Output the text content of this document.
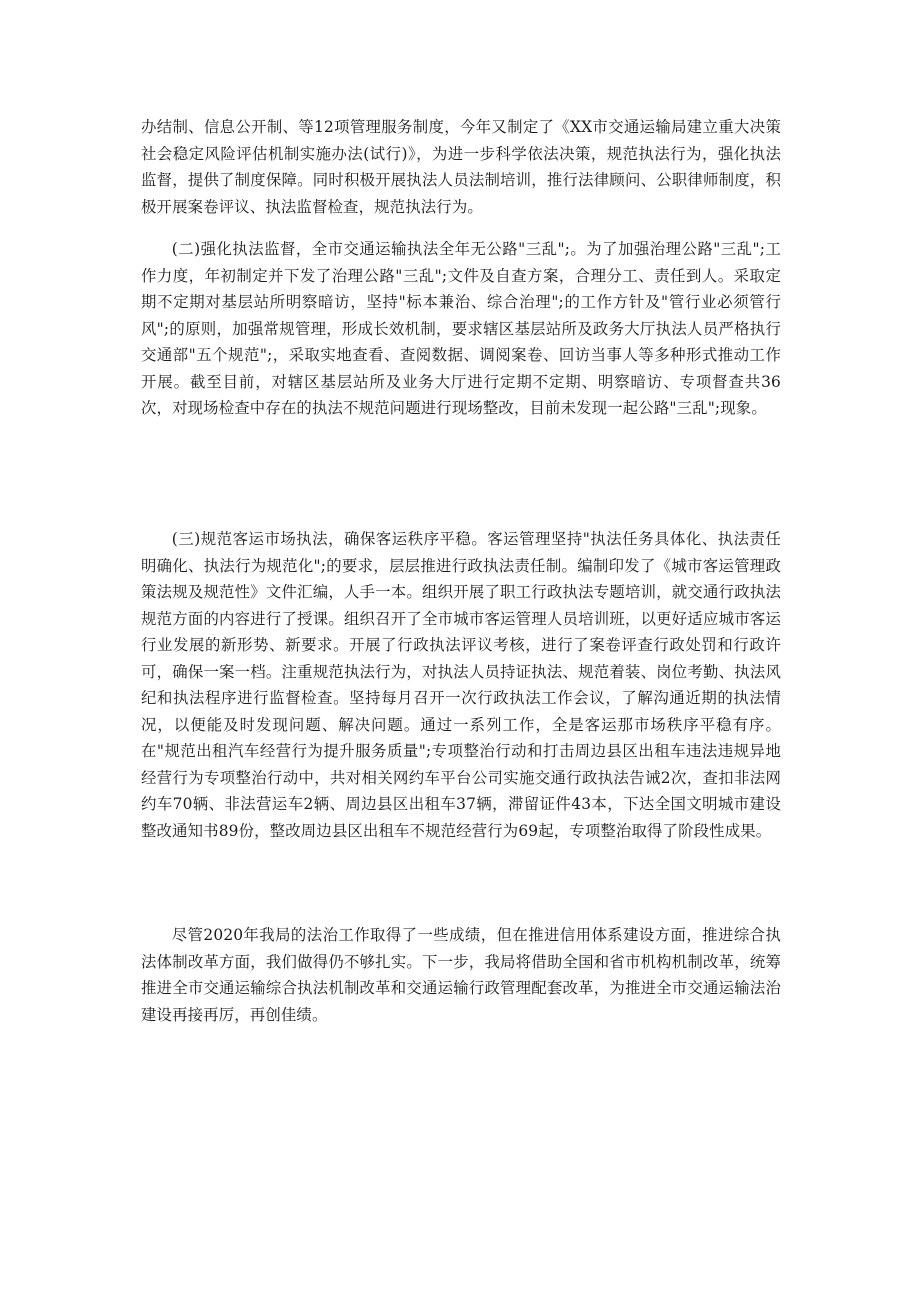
办结制、信息公开制、等12项管理服务制度，今年又制定了《XX市交通运输局建立重大决策社会稳定风险评估机制实施办法(试行)》，为进一步科学依法决策，规范执法行为，强化执法监督，提供了制度保障。同时积极开展执法人员法制培训，推行法律顾问、公职律师制度，积极开展案卷评议、执法监督检查，规范执法行为。

(二)强化执法监督，全市交通运输执法全年无公路"三乱";。为了加强治理公路"三乱";工作力度，年初制定并下发了治理公路"三乱";文件及自查方案，合理分工、责任到人。采取定期不定期对基层站所明察暗访，坚持"标本兼治、综合治理";的工作方针及"管行业必须管行风";的原则，加强常规管理，形成长效机制，要求辖区基层站所及政务大厅执法人员严格执行交通部"五个规范";，采取实地查看、查阅数据、调阅案卷、回访当事人等多种形式推动工作开展。截至目前，对辖区基层站所及业务大厅进行定期不定期、明察暗访、专项督查共36次，对现场检查中存在的执法不规范问题进行现场整改，目前未发现一起公路"三乱";现象。

(三)规范客运市场执法，确保客运秩序平稳。客运管理坚持"执法任务具体化、执法责任明确化、执法行为规范化";的要求，层层推进行政执法责任制。编制印发了《城市客运管理政策法规及规范性》文件汇编，人手一本。组织开展了职工行政执法专题培训，就交通行政执法规范方面的内容进行了授课。组织召开了全市城市客运管理人员培训班，以更好适应城市客运行业发展的新形势、新要求。开展了行政执法评议考核，进行了案卷评查行政处罚和行政许可，确保一案一档。注重规范执法行为，对执法人员持证执法、规范着装、岗位考勤、执法风纪和执法程序进行监督检查。坚持每月召开一次行政执法工作会议，了解沟通近期的执法情况，以便能及时发现问题、解决问题。通过一系列工作，全是客运那市场秩序平稳有序。在"规范出租汽车经营行为提升服务质量";专项整治行动和打击周边县区出租车违法违规异地经营行为专项整治行动中，共对相关网约车平台公司实施交通行政执法告诫2次，查扣非法网约车70辆、非法营运车2辆、周边县区出租车37辆，滞留证件43本，下达全国文明城市建设整改通知书89份，整改周边县区出租车不规范经营行为69起，专项整治取得了阶段性成果。

尽管2020年我局的法治工作取得了一些成绩，但在推进信用体系建设方面，推进综合执法体制改革方面，我们做得仍不够扎实。下一步，我局将借助全国和省市机构机制改革，统筹推进全市交通运输综合执法机制改革和交通运输行政管理配套改革，为推进全市交通运输法治建设再接再厉，再创佳绩。
